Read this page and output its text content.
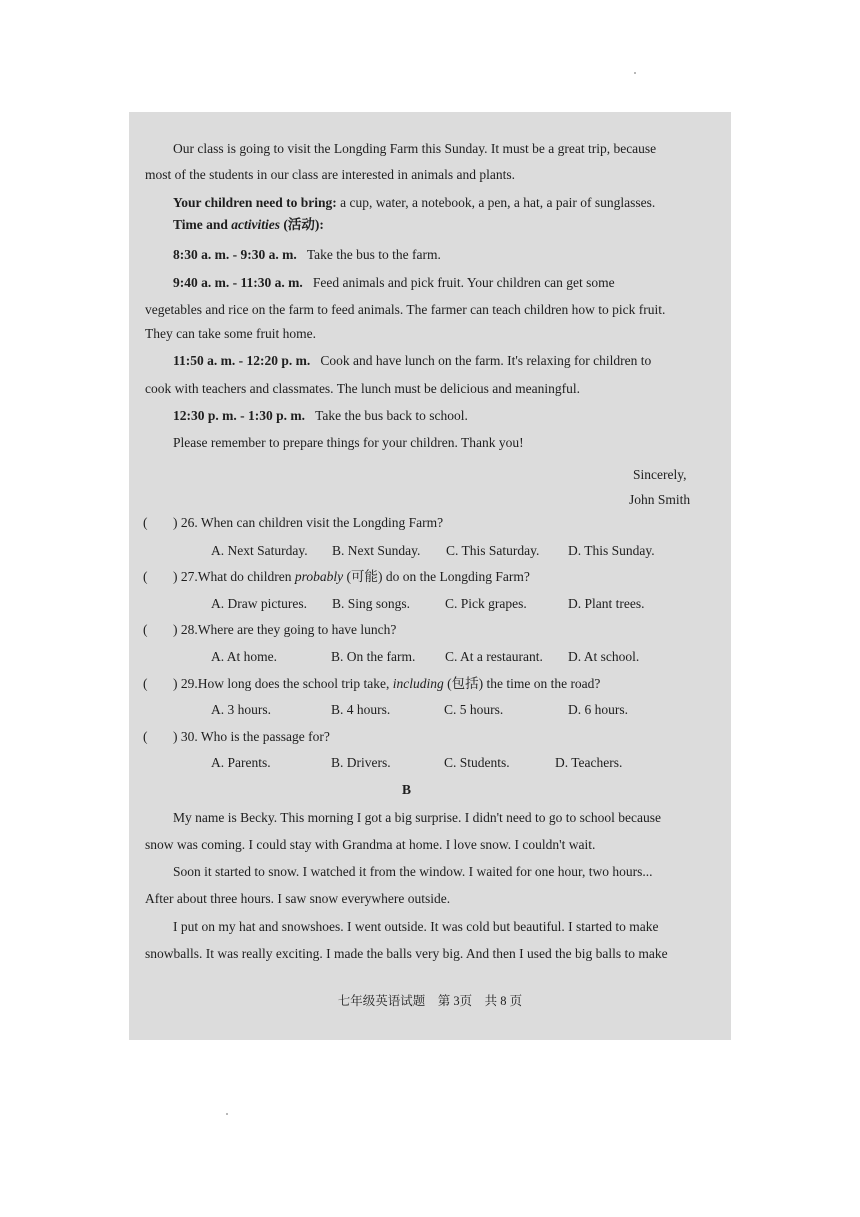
Our class is going to visit the Longding Farm this Sunday. It must be a great trip, because
most of the students in our class are interested in animals and plants.
Your children need to bring: a cup, water, a notebook, a pen, a hat, a pair of sunglasses.
Time and activities (活动):
8:30 a. m. - 9:30 a. m. Take the bus to the farm.
9:40 a. m. - 11:30 a. m. Feed animals and pick fruit. Your children can get some
vegetables and rice on the farm to feed animals. The farmer can teach children how to pick fruit.
They can take some fruit home.
11:50 a. m. - 12:20 p. m. Cook and have lunch on the farm. It's relaxing for children to
cook with teachers and classmates. The lunch must be delicious and meaningful.
12:30 p. m. - 1:30 p. m. Take the bus back to school.
Please remember to prepare things for your children. Thank you!
Sincerely,
John Smith
( ) 26. When can children visit the Longding Farm?
A. Next Saturday. B. Next Sunday. C. This Saturday. D. This Sunday.
( ) 27.What do children probably (可能) do on the Longding Farm?
A. Draw pictures. B. Sing songs.	C. Pick grapes.	D. Plant trees.
( ) 28.Where are they going to have lunch?
A. At home.	B. On the farm. C. At a restaurant. D. At school.
( ) 29.How long does the school trip take, including (包括) the time on the road?
A. 3 hours.	B. 4 hours.	C. 5 hours.	D. 6 hours.
( ) 30. Who is the passage for?
A. Parents.	B. Drivers.	C. Students.	D. Teachers.
B
My name is Becky. This morning I got a big surprise. I didn't need to go to school because
snow was coming. I could stay with Grandma at home. I love snow. I couldn't wait.
Soon it started to snow. I watched it from the window. I waited for one hour, two hours...
After about three hours. I saw snow everywhere outside.
I put on my hat and snowshoes. I went outside. It was cold but beautiful. I started to make
snowballs. It was really exciting. I made the balls very big. And then I used the big balls to make
七年级英语试题　第 3页　共 8 页
